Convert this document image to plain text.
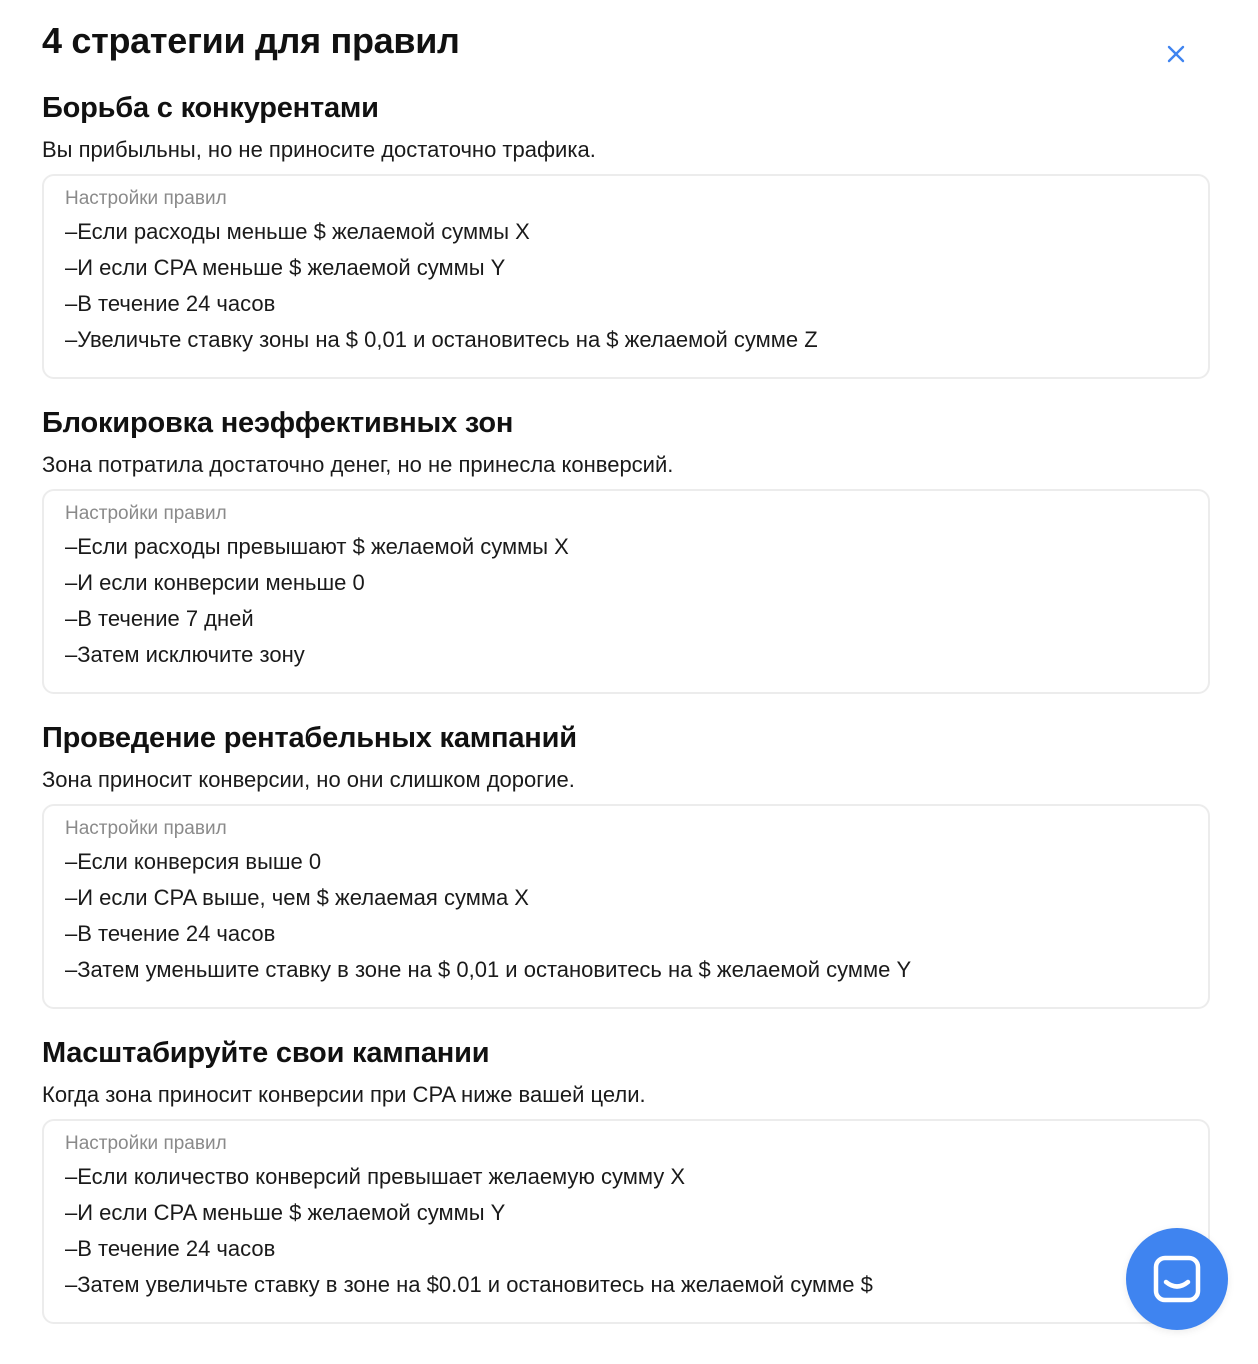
4 стратегии для правил
Борьба с конкурентами

Вы прибыльны, но не приносите достаточно трафика.

Настройки правил
–Если расходы меньше $ желаемой суммы X
–И если CPA меньше $ желаемой суммы Y
–В течение 24 часов
–Увеличьте ставку зоны на $ 0,01 и остановитесь на $ желаемой сумме Z
Блокировка неэффективных зон

Зона потратила достаточно денег, но не принесла конверсий.

Настройки правил
–Если расходы превышают $ желаемой суммы X
–И если конверсии меньше 0
–В течение 7 дней
–Затем исключите зону
Проведение рентабельных кампаний

Зона приносит конверсии, но они слишком дорогие.

Настройки правил
–Если конверсия выше 0
–И если CPA выше, чем $ желаемая сумма X
–В течение 24 часов
–Затем уменьшите ставку в зоне на $ 0,01 и остановитесь на $ желаемой сумме Y
Масштабируйте свои кампании

Когда зона приносит конверсии при CPA ниже вашей цели.

Настройки правил
–Если количество конверсий превышает желаемую сумму X
–И если CPA меньше $ желаемой суммы Y
–В течение 24 часов
–Затем увеличьте ставку в зоне на $0.01 и остановитесь на желаемой сумме $
